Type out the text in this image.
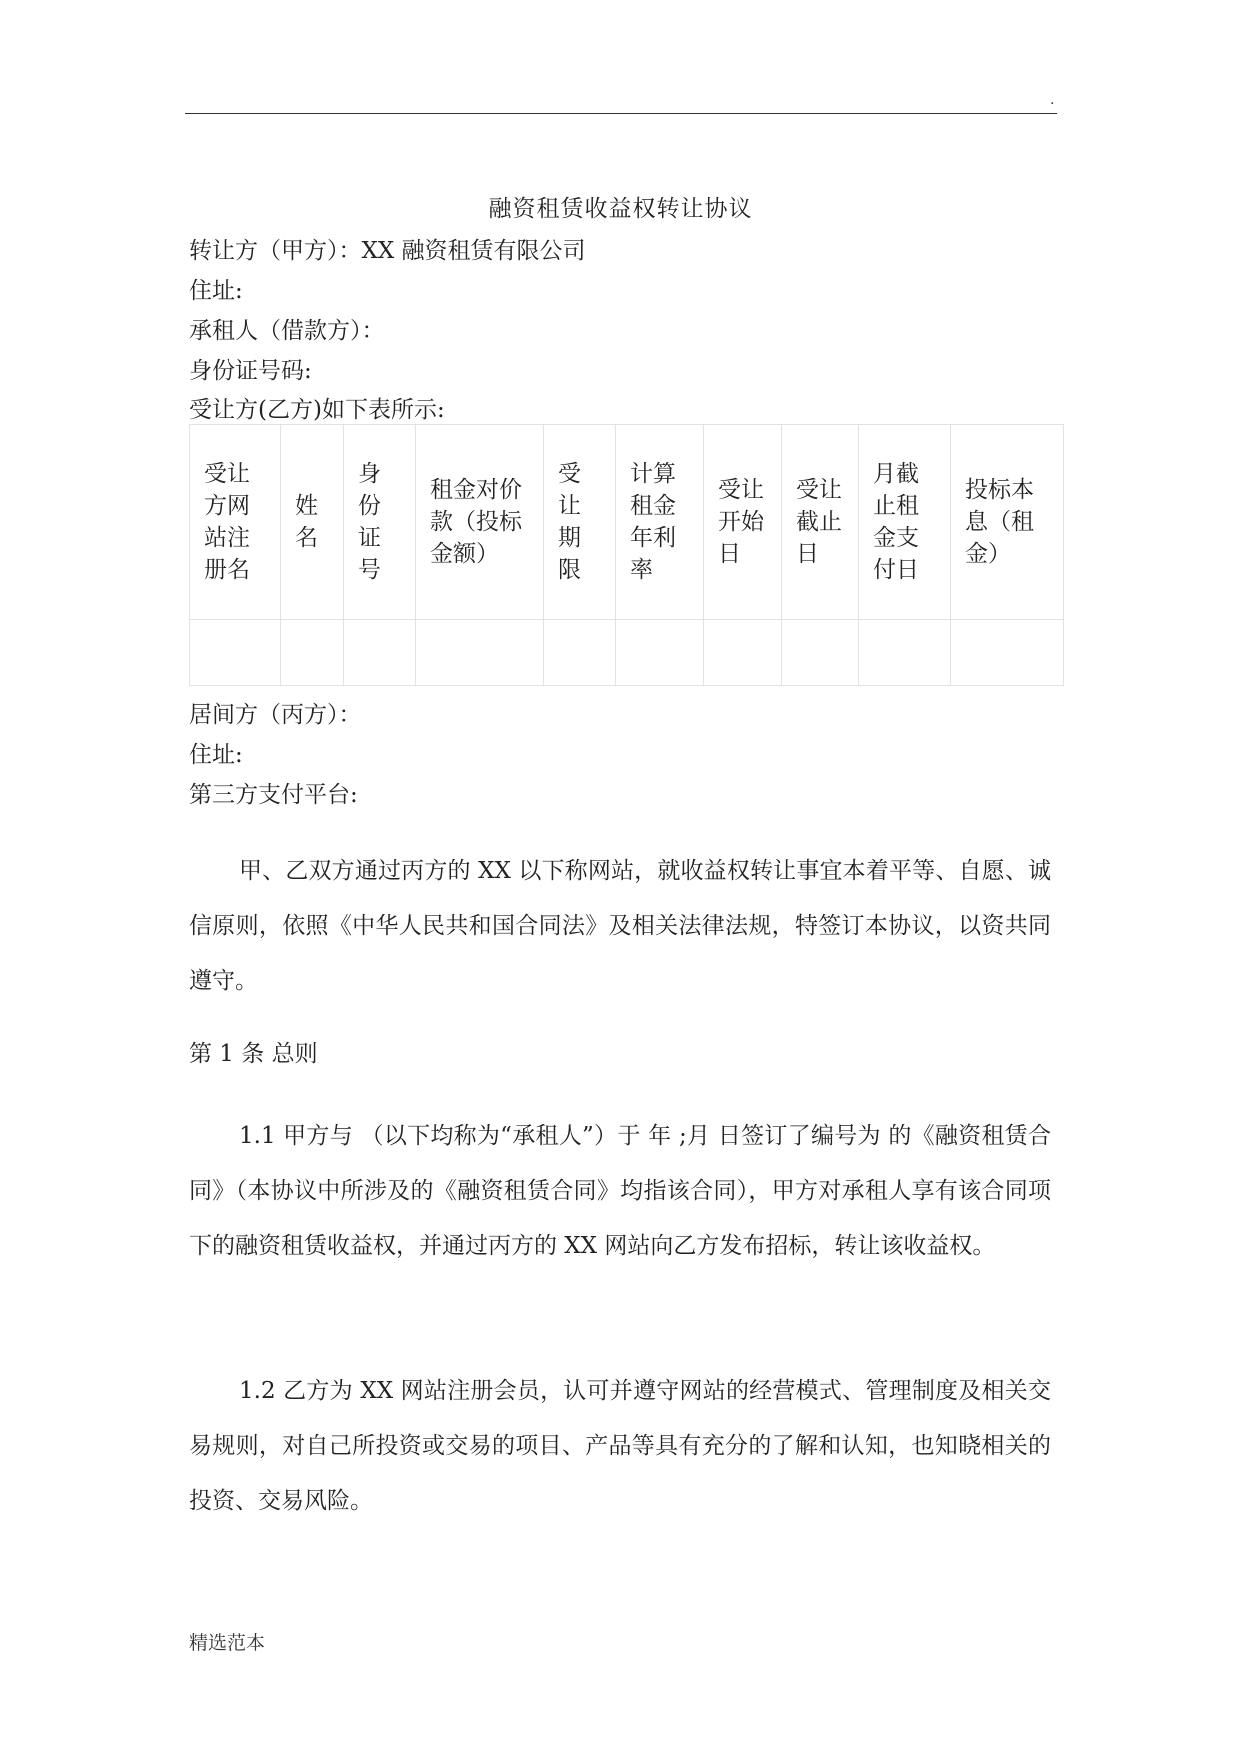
.
融资租赁收益权转让协议
转让方（甲方）：XX 融资租赁有限公司
住址:
承租人（借款方）：
身份证号码:
受让方(乙方)如下表所示:
受让方网站注册名	姓名	身份证号	租金对价款（投标金额）	受让期限	计算租金年利率	受让开始日	受让截止日	月截止租金支付日	投标本息（租金）

居间方（丙方）：
住址:
第三方支付平台:
甲、乙双方通过丙方的 XX 以下称网站，就收益权转让事宜本着平等、自愿、诚信原则，依照《中华人民共和国合同法》及相关法律法规，特签订本协议，以资共同遵守。
第 1 条 总则
1.1 甲方与 （以下均称为“承租人”）于 年 ;月 日签订了编号为 的《融资租赁合同》（本协议中所涉及的《融资租赁合同》均指该合同），甲方对承租人享有该合同项下的融资租赁收益权，并通过丙方的 XX 网站向乙方发布招标，转让该收益权。
1.2 乙方为 XX 网站注册会员，认可并遵守网站的经营模式、管理制度及相关交易规则，对自己所投资或交易的项目、产品等具有充分的了解和认知，也知晓相关的投资、交易风险。
精选范本
